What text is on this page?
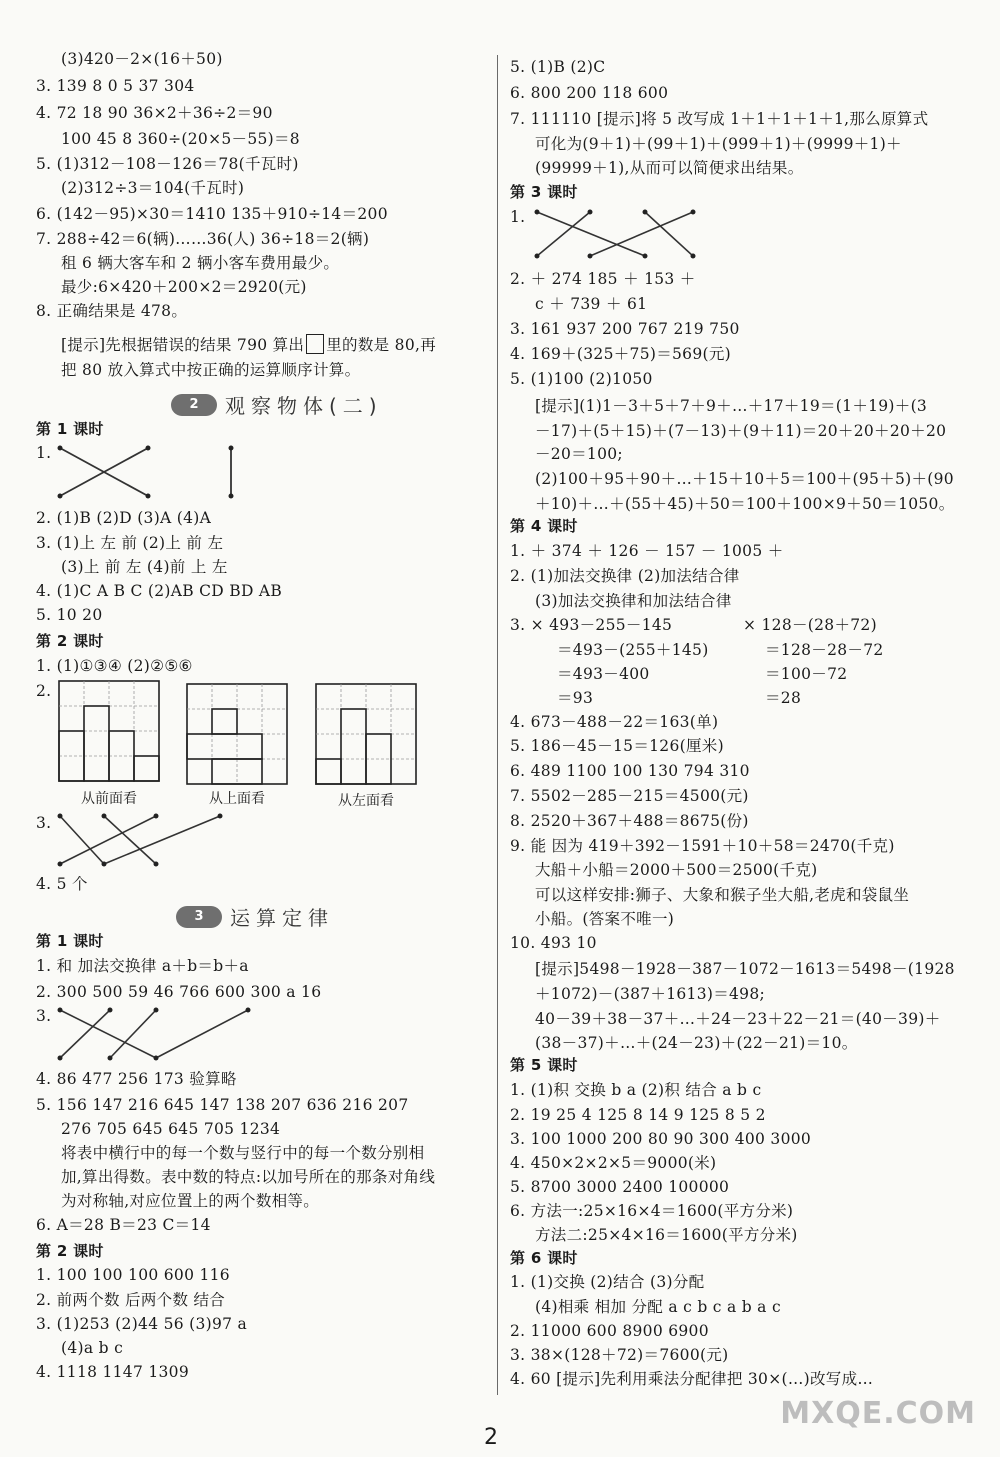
(3)420－2×(16＋50)
3. 139 8 0 5 37 304
4. 72 18 90 36×2＋36÷2＝90
100 45 8 360÷(20×5－55)＝8
5. (1)312－108－126＝78(千瓦时)
(2)312÷3＝104(千瓦时)
6. (142－95)×30＝1410 135＋910÷14＝200
7. 288÷42＝6(辆)……36(人) 36÷18＝2(辆)
租 6 辆大客车和 2 辆小客车费用最少。
最少:6×420＋200×2＝2920(元)
8. 正确结果是 478。
[提示]先根据错误的结果 790 算出 里的数是 80,再
把 80 放入算式中按正确的运算顺序计算。
2	观察物体(二)
第 1 课时
1.
2. (1)B (2)D (3)A (4)A
3. (1)上 左 前 (2)上 前 左
(3)上 前 左 (4)前 上 左
4. (1)C A B C (2)AB CD BD AB
5. 10 20
第 2 课时
1. (1)①③④ (2)②⑤⑥
2.
从前面看	从上面看	从左面看
3.
4. 5 个
3	运算定律
第 1 课时
1. 和 加法交换律 a＋b＝b＋a
2. 300 500 59 46 766 600 300 a 16
3.
4. 86 477 256 173 验算略
5. 156 147 216 645 147 138 207 636 216 207
276 705 645 645 705 1234
将表中横行中的每一个数与竖行中的每一个数分别相
加,算出得数。表中数的特点:以加号所在的那条对角线
为对称轴,对应位置上的两个数相等。
6. A＝28 B＝23 C＝14
第 2 课时
1. 100 100 100 600 116
2. 前两个数 后两个数 结合
3. (1)253 (2)44 56 (3)97 a
(4)a b c
4. 1118 1147 1309
5. (1)B (2)C
6. 800 200 118 600
7. 111110 [提示]将 5 改写成 1＋1＋1＋1＋1,那么原算式
可化为(9＋1)＋(99＋1)＋(999＋1)＋(9999＋1)＋
(99999＋1),从而可以简便求出结果。
第 3 课时
1.
2. ＋ 274 185 ＋ 153 ＋
c ＋ 739 ＋ 61
3. 161 937 200 767 219 750
4. 169＋(325＋75)＝569(元)
5. (1)100 (2)1050
[提示](1)1－3＋5＋7＋9＋…＋17＋19＝(1＋19)＋(3
－17)＋(5＋15)＋(7－13)＋(9＋11)＝20＋20＋20＋20
－20＝100;
(2)100＋95＋90＋…＋15＋10＋5＝100＋(95＋5)＋(90
＋10)＋…＋(55＋45)＋50＝100＋100×9＋50＝1050。
第 4 课时
1. ＋ 374 ＋ 126 － 157 － 1005 ＋
2. (1)加法交换律 (2)加法结合律
(3)加法交换律和加法结合律
3. × 493－255－145	× 128－(28＋72)
＝493－(255＋145)	＝128－28－72
＝493－400	＝100－72
＝93	＝28
4. 673－488－22＝163(单)
5. 186－45－15＝126(厘米)
6. 489 1100 100 130 794 310
7. 5502－285－215＝4500(元)
8. 2520＋367＋488＝8675(份)
9. 能 因为 419＋392－1591＋10＋58＝2470(千克)
大船＋小船＝2000＋500＝2500(千克)
可以这样安排:狮子、大象和猴子坐大船,老虎和袋鼠坐
小船。(答案不唯一)
10. 493 10
[提示]5498－1928－387－1072－1613＝5498－(1928
＋1072)－(387＋1613)＝498;
40－39＋38－37＋…＋24－23＋22－21＝(40－39)＋
(38－37)＋…＋(24－23)＋(22－21)＝10。
第 5 课时
1. (1)积 交换 b a (2)积 结合 a b c
2. 19 25 4 125 8 14 9 125 8 5 2
3. 100 1000 200 80 90 300 400 3000
4. 450×2×2×5＝9000(米)
5. 8700 3000 2400 100000
6. 方法一:25×16×4＝1600(平方分米)
方法二:25×4×16＝1600(平方分米)
第 6 课时
1. (1)交换 (2)结合 (3)分配
(4)相乘 相加 分配 a c b c a b a c
2. 11000 600 8900 6900
3. 38×(128＋72)＝7600(元)
4. 60 [提示]先利用乘法分配律把 30×(…)改写成…
2
MXQE.COM
